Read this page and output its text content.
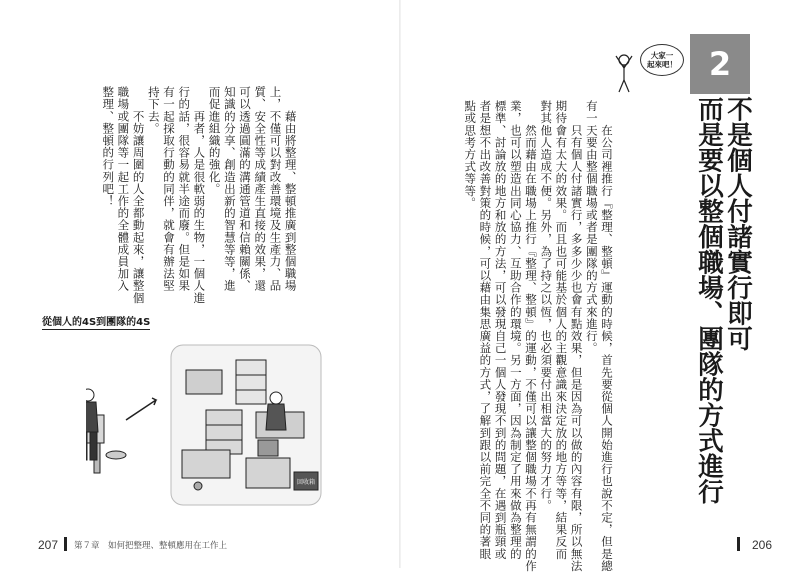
　　藉由將整理、整頓推廣到整個職場

上，不僅可以對改善環境及生產力、品

質、安全性等成績產生直接的效果，還

可以透過圓滿的溝通管道和信賴關係、

知識的分享、創造出新的智慧等等，進

而促進組織的強化。

　　再者，人是很軟弱的生物，一個人進

行的話，很容易就半途而廢。但是如果

有一起採取行動的同伴，就會有辦法堅

持下去。

　　不妨讓周圍的人全都動起來，讓整個

職場或團隊等一起工作的全體成員加入

整理、整頓的行列吧！

從個人的4S到團隊的4S
回收箱
207 第７章　如何把整理、整頓應用在工作上
2
大家一
起來吧！
不是個人付諸實行即可
而是要以整個職場、團隊的方式進行

　　在公司裡推行『整理、整頓』運動的時候，首先要從個人開始進行也說不定，但是總

有一天要由整個職場或者是團隊的方式來進行。

　　只有個人付諸實行，多多少少也會有點效果，但是因為可以做的內容有限，所以無法

期待會有太大的效果。而且也可能基於個人的主觀意識來決定放的地方等等，結果反而

對其他人造成不便。另外，為了持之以恆，也必須要付出相當大的努力才行。

　　然而藉由在職場上推行『整理、整頓』的運動，不僅可以讓整個職場不再有無謂的作

業，也可以塑造出同心協力、互助合作的環境。另一方面，因為制定了用來做為整理的

標準、討論放的地方和放的方法，可以發現自己一個人發現不到的問題，在遇到瓶頸或

者是想不出改善對策的時候，可以藉由集思廣益的方式，了解到跟以前完全不同的著眼

點或思考方式等等。

206
